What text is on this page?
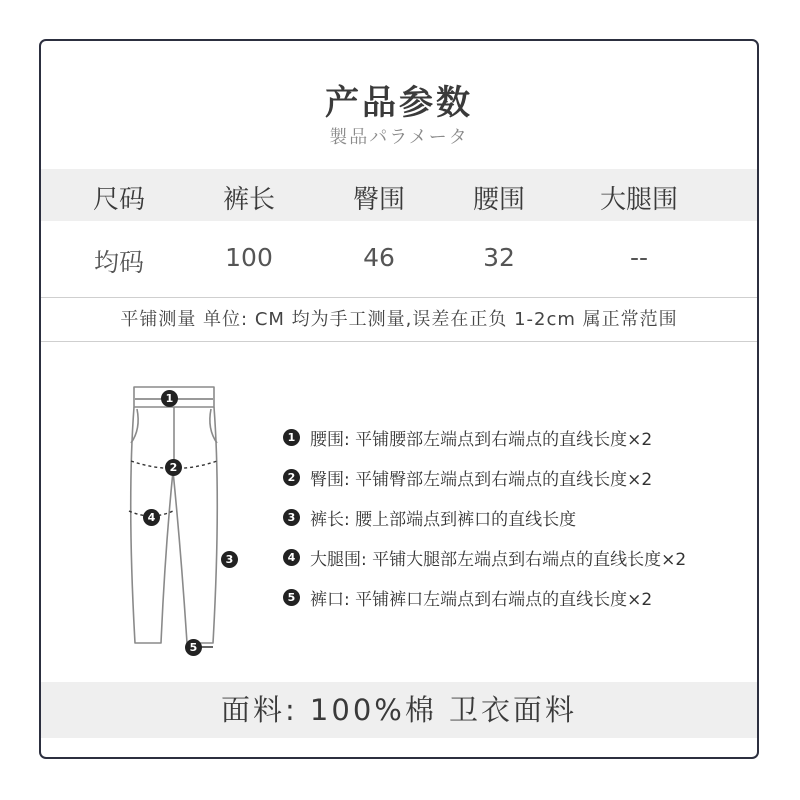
产品参数
製品パラメータ
尺码	裤长	臀围	腰围	大腿围
均码	100	46	32	--
平铺测量 单位: CM 均为手工测量,误差在正负 1-2cm 属正常范围
1
2
4
3
5
1 腰围: 平铺腰部左端点到右端点的直线长度×2
2 臀围: 平铺臀部左端点到右端点的直线长度×2
3 裤长: 腰上部端点到裤口的直线长度
4 大腿围: 平铺大腿部左端点到右端点的直线长度×2
5 裤口: 平铺裤口左端点到右端点的直线长度×2
面料: 100%棉 卫衣面料
